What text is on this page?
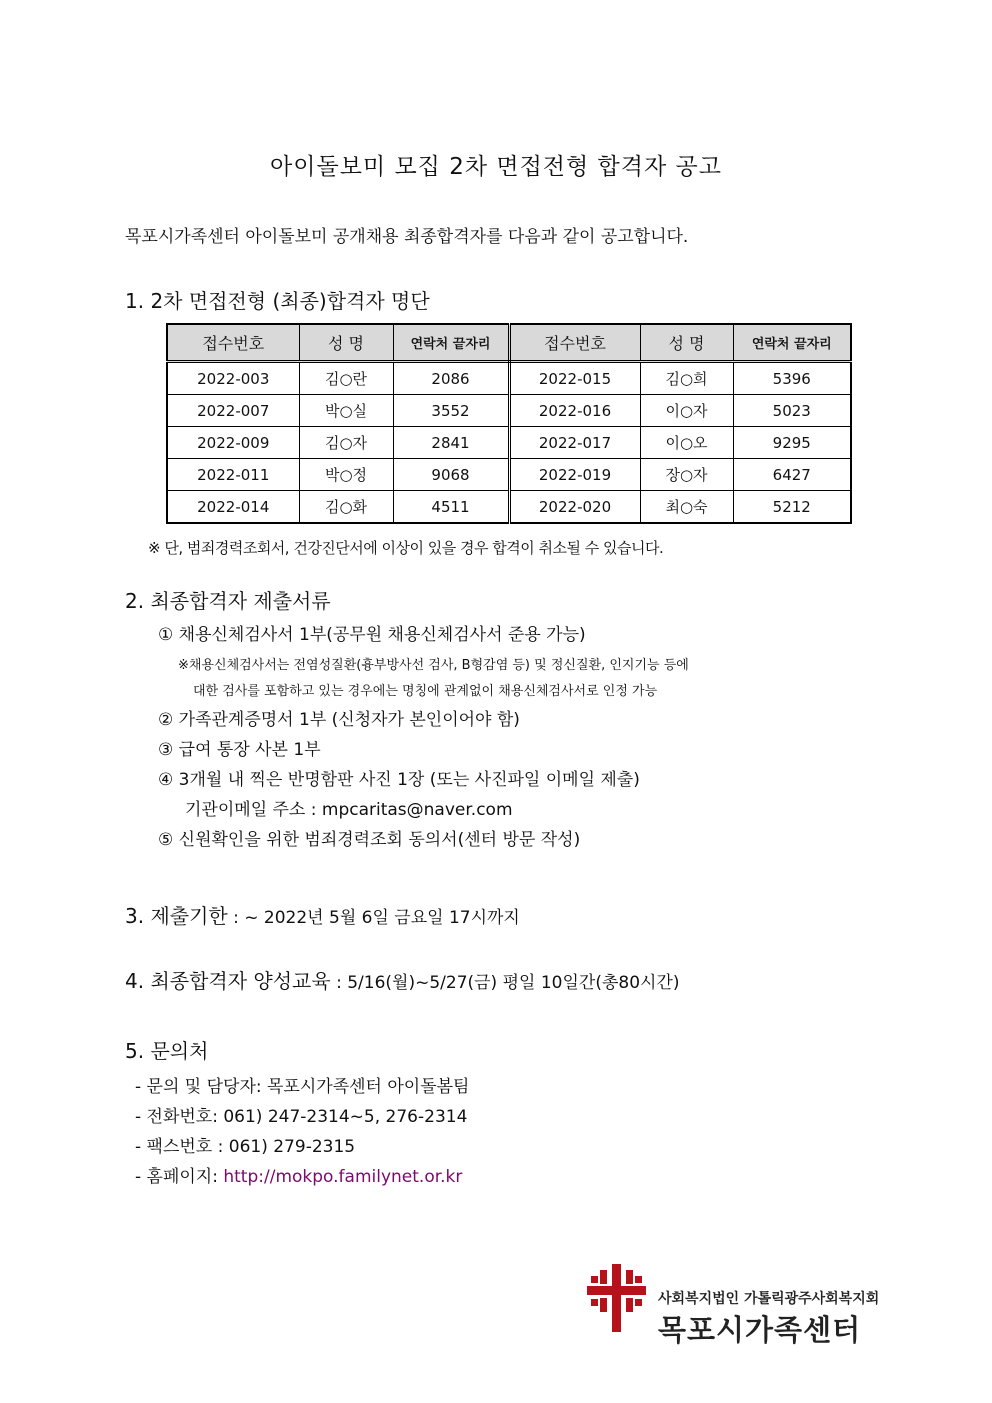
아이돌보미 모집 2차 면접전형 합격자 공고
목포시가족센터 아이돌보미 공개채용 최종합격자를 다음과 같이 공고합니다.
1. 2차 면접전형 (최종)합격자 명단
접수번호	성 명	연락처 끝자리	접수번호	성 명	연락처 끝자리
2022-003	김○란	2086	2022-015	김○희	5396
2022-007	박○실	3552	2022-016	이○자	5023
2022-009	김○자	2841	2022-017	이○오	9295
2022-011	박○정	9068	2022-019	장○자	6427
2022-014	김○화	4511	2022-020	최○숙	5212
※ 단, 범죄경력조회서, 건강진단서에 이상이 있을 경우 합격이 취소될 수 있습니다.
2. 최종합격자 제출서류
① 채용신체검사서 1부(공무원 채용신체검사서 준용 가능)
※채용신체검사서는 전염성질환(흉부방사선 검사, B형감염 등) 및 정신질환, 인지기능 등에
대한 검사를 포함하고 있는 경우에는 명칭에 관계없이 채용신체검사서로 인정 가능
② 가족관계증명서 1부 (신청자가 본인이어야 함)
③ 급여 통장 사본 1부
④ 3개월 내 찍은 반명함판 사진 1장 (또는 사진파일 이메일 제출)
기관이메일 주소 : mpcaritas@naver.com
⑤ 신원확인을 위한 범죄경력조회 동의서(센터 방문 작성)
3. 제출기한 : ~ 2022년 5월 6일 금요일 17시까지
4. 최종합격자 양성교육 : 5/16(월)~5/27(금) 평일 10일간(총80시간)
5. 문의처
- 문의 및 담당자: 목포시가족센터 아이돌봄팀
- 전화번호: 061) 247-2314~5, 276-2314
- 팩스번호 : 061) 279-2315
- 홈페이지: http://mokpo.familynet.or.kr
사회복지법인 가톨릭광주사회복지회
목포시가족센터
